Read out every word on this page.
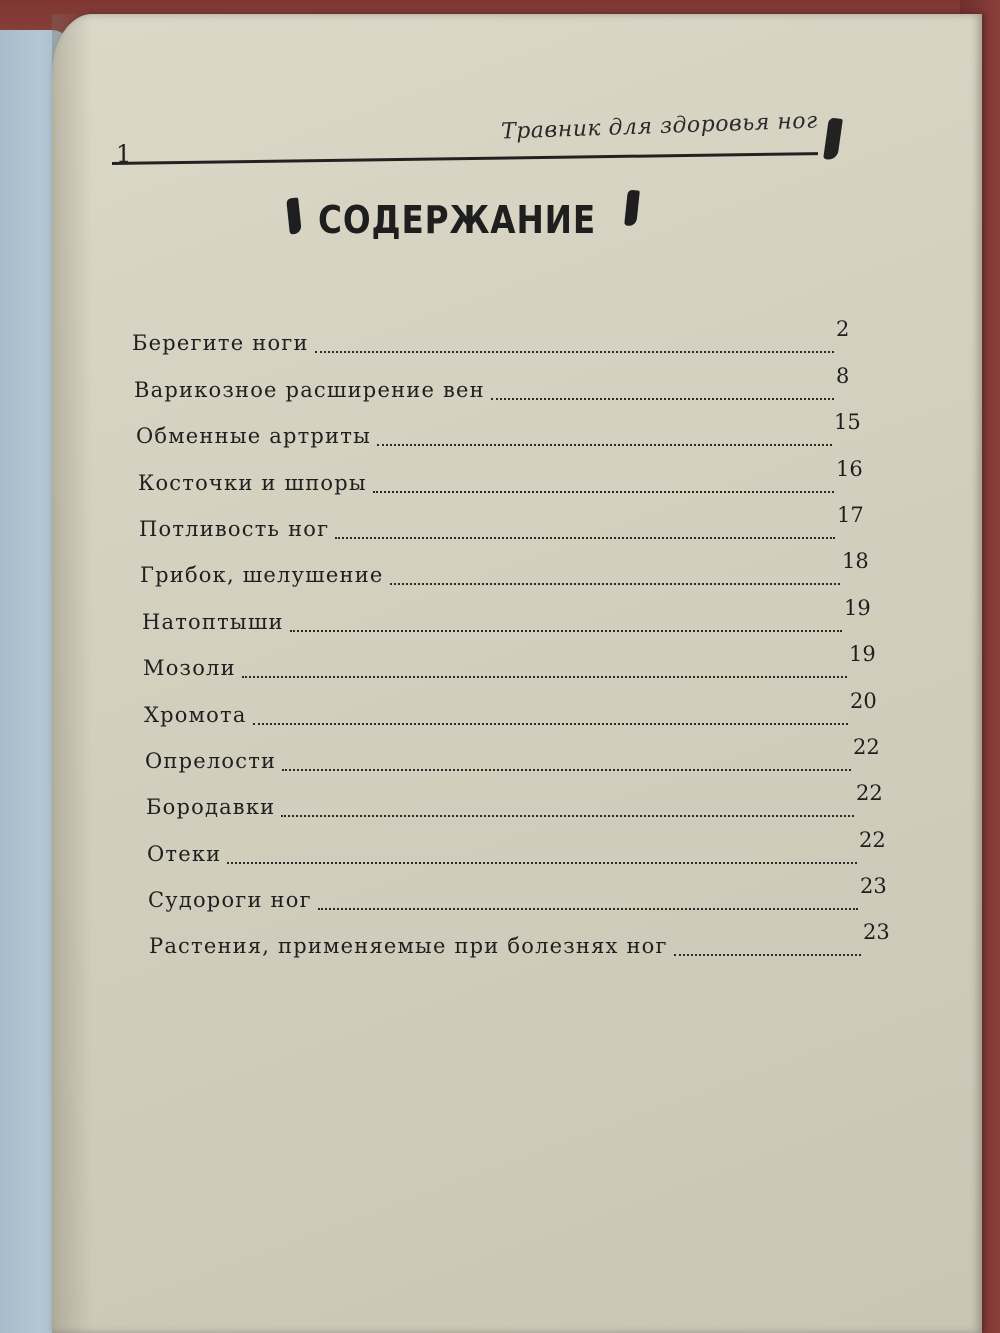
1
Травник для здоровья ног
СОДЕРЖАНИЕ
Берегите ноги
2
Варикозное расширение вен
8
Обменные артриты
15
Косточки и шпоры
16
Потливость ног
17
Грибок, шелушение
18
Натоптыши
19
Мозоли
19
Хромота
20
Опрелости
22
Бородавки
22
Отеки
22
Судороги ног
23
Растения, применяемые при болезнях ног
23
